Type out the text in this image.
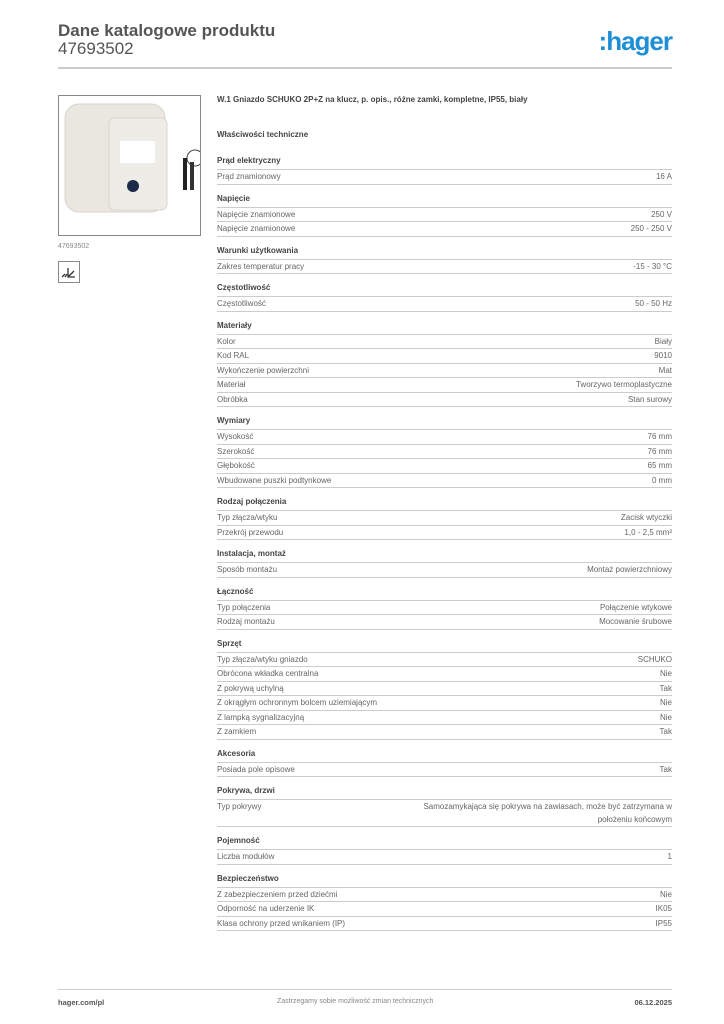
Dane katalogowe produktu
47693502	:hager
47693502
W.1 Gniazdo SCHUKO 2P+Z na klucz, p. opis., różne zamki, kompletne, IP55, biały
Właściwości techniczne
Prąd elektryczny
Prąd znamionowy	16 A
Napięcie
Napięcie znamionowe	250 V
Napięcie znamionowe	250 - 250 V
Warunki użytkowania
Zakres temperatur pracy	-15 - 30 °C
Częstotliwość
Częstotliwość	50 - 50 Hz
Materiały
Kolor	Biały
Kod RAL	9010
Wykończenie powierzchni	Mat
Materiał	Tworzywo termoplastyczne
Obróbka	Stan surowy
Wymiary
Wysokość	76 mm
Szerokość	76 mm
Głębokość	65 mm
Wbudowane puszki podtynkowe	0 mm
Rodzaj połączenia
Typ złącza/wtyku	Zacisk wtyczki
Przekrój przewodu	1,0 - 2,5 mm²
Instalacja, montaż
Sposób montażu	Montaż powierzchniowy
Łączność
Typ połączenia	Połączenie wtykowe
Rodzaj montażu	Mocowanie śrubowe
Sprzęt
Typ złącza/wtyku gniazdo	SCHUKO
Obrócona wkładka centralna	Nie
Z pokrywą uchylną	Tak
Z okrągłym ochronnym bolcem uziemiającym	Nie
Z lampką sygnalizacyjną	Nie
Z zamkiem	Tak
Akcesoria
Posiada pole opisowe	Tak
Pokrywa, drzwi
Typ pokrywy	Samozamykająca się pokrywa na zawiasach, może być zatrzymana w położeniu końcowym
Pojemność
Liczba modułów	1
Bezpieczeństwo
Z zabezpieczeniem przed dziećmi	Nie
Odporność na uderzenie IK	IK05
Klasa ochrony przed wnikaniem (IP)	IP55
hager.com/pl	Zastrzegamy sobie możliwość zmian technicznych	06.12.2025
